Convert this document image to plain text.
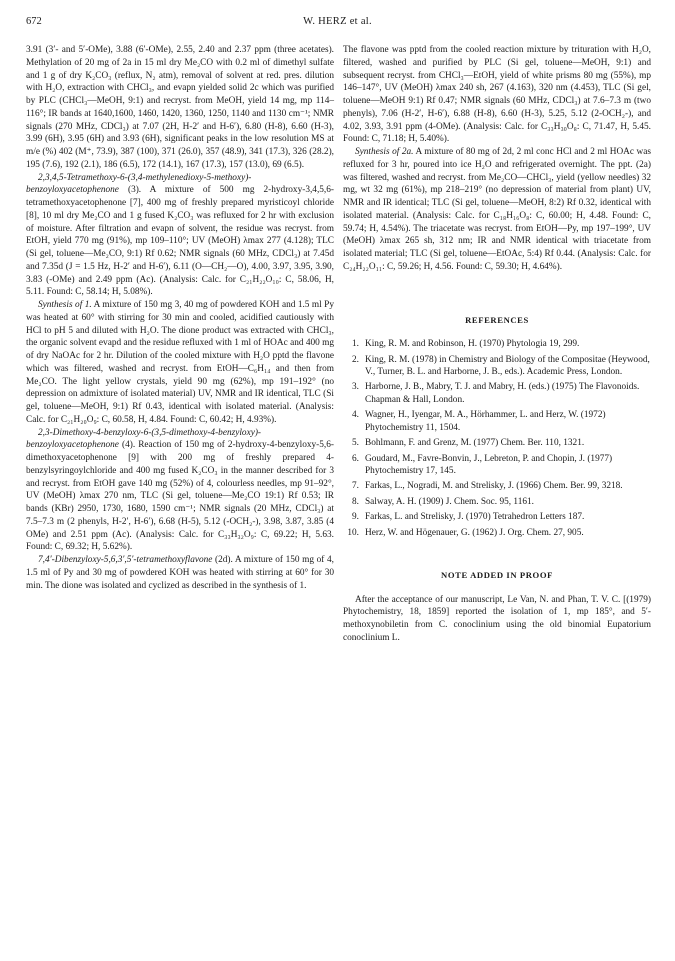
672	W. HERZ et al.

3.91 (3′- and 5′-OMe), 3.88 (6′-OMe), 2.55, 2.40 and 2.37 ppm (three acetates). Methylation of 20 mg of 2a in 15 ml dry Me₂CO with 0.2 ml of dimethyl sulfate and 1 g of dry K₂CO₃ (reflux, N₂ atm), removal of solvent at red. pres. dilution with H₂O, extraction with CHCl₃, and evapn yielded solid 2c which was purified by PLC (CHCl₃—MeOH, 9:1) and recryst. from MeOH, yield 14 mg, mp 114–116°; IR bands at 1640,1600, 1460, 1420, 1360, 1250, 1140 and 1130 cm⁻¹; NMR signals (270 MHz, CDCl₃) at 7.07 (2H, H-2′ and H-6′), 6.80 (H-8), 6.60 (H-3), 3.99 (6H), 3.95 (6H) and 3.93 (6H), significant peaks in the low resolution MS at m/e (%) 402 (M⁺, 73.9), 387 (100), 371 (26.0), 357 (48.9), 341 (17.3), 326 (28.2), 195 (7.6), 192 (2.1), 186 (6.5), 172 (14.1), 167 (17.3), 157 (13.0), 69 (6.5).

2,3,4,5-Tetramethoxy-6-(3,4-methylenedioxy-5-methoxy)-benzoyloxyacetophenone (3). A mixture of 500 mg 2-hydroxy-3,4,5,6-tetramethoxyacetophenone [7], 400 mg of freshly prepared myristicoyl chloride [8], 10 ml dry Me₂CO and 1 g fused K₂CO₃ was refluxed for 2 hr with exclusion of moisture. After filtration and evapn of solvent, the residue was recryst. from EtOH, yield 770 mg (91%), mp 109–110°; UV (MeOH) λmax 277 (4.128); TLC (Si gel, toluene—Me₂CO, 9:1) Rf 0.62; NMR signals (60 MHz, CDCl₃) at 7.45d and 7.35d (J = 1.5 Hz, H-2′ and H-6′), 6.11 (O—CH₂—O), 4.00, 3.97, 3.95, 3.90, 3.83 (-OMe) and 2.49 ppm (Ac). (Analysis: Calc. for C₂₁H₂₂O₁₀: C, 58.06, H, 5.11. Found: C, 58.14; H, 5.08%).

Synthesis of 1. A mixture of 150 mg 3, 40 mg of powdered KOH and 1.5 ml Py was heated at 60° with stirring for 30 min and cooled, acidified cautiously with HCl to pH 5 and diluted with H₂O. The dione product was extracted with CHCl₃, the organic solvent evapd and the residue refluxed with 1 ml of HOAc and 400 mg of dry NaOAc for 2 hr. Dilution of the cooled mixture with H₂O pptd the flavone which was filtered, washed and recryst. from EtOH—C₆H₁₄ and then from Me₂CO. The light yellow crystals, yield 90 mg (62%), mp 191–192° (no depression on admixture of isolated material) UV, NMR and IR identical, TLC (Si gel, toluene—MeOH, 9:1) Rf 0.43, identical with isolated material. (Analysis: Calc. for C₂₁H₂₀O₉: C, 60.58, H, 4.84. Found: C, 60.42; H, 4.93%).

2,3-Dimethoxy-4-benzyloxy-6-(3,5-dimethoxy-4-benzyloxy)-benzoyloxyacetophenone (4). Reaction of 150 mg of 2-hydroxy-4-benzyloxy-5,6-dimethoxyacetophenone [9] with 200 mg of freshly prepared 4-benzylsyringoylchloride and 400 mg fused K₂CO₃ in the manner described for 3 and recryst. from EtOH gave 140 mg (52%) of 4, colourless needles, mp 91–92°, UV (MeOH) λmax 270 nm, TLC (Si gel, toluene—Me₂CO 19:1) Rf 0.53; IR bands (KBr) 2950, 1730, 1680, 1590 cm⁻¹; NMR signals (20 MHz, CDCl₃) at 7.5–7.3 m (2 phenyls, H-2′, H-6′), 6.68 (H-5), 5.12 (-OCH₂-), 3.98, 3.87, 3.85 (4 OMe) and 2.51 ppm (Ac). (Analysis: Calc. for C₃₃H₃₂O₉: C, 69.22; H, 5.63. Found: C, 69.32; H, 5.62%).

7,4′-Dibenzyloxy-5,6,3′,5′-tetramethoxyflavone (2d). A mixture of 150 mg of 4, 1.5 ml of Py and 30 mg of powdered KOH was heated with stirring at 60° for 30 min. The dione was isolated and cyclized as described in the synthesis of 1.

The flavone was pptd from the cooled reaction mixture by trituration with H₂O, filtered, washed and purified by PLC (Si gel, toluene—MeOH, 9:1) and subsequent recryst. from CHCl₃—EtOH, yield of white prisms 80 mg (55%), mp 146–147°, UV (MeOH) λmax 240 sh, 267 (4.163), 320 nm (4.453), TLC (Si gel, toluene—MeOH 9:1) Rf 0.47; NMR signals (60 MHz, CDCl₃) at 7.6–7.3 m (two phenyls), 7.06 (H-2′, H-6′), 6.88 (H-8), 6.60 (H-3), 5.25, 5.12 (2-OCH₂-), and 4.02, 3.93, 3.91 ppm (4-OMe). (Analysis: Calc. for C₃₃H₃₀O₈: C, 71.47, H, 5.45. Found: C, 71.18; H, 5.40%).

Synthesis of 2a. A mixture of 80 mg of 2d, 2 ml conc HCl and 2 ml HOAc was refluxed for 3 hr, poured into ice H₂O and refrigerated overnight. The ppt. (2a) was filtered, washed and recryst. from Me₂CO—CHCl₃, yield (yellow needles) 32 mg, wt 32 mg (61%), mp 218–219° (no depression of material from plant) UV, NMR and IR identical; TLC (Si gel, toluene—MeOH, 8:2) Rf 0.32, identical with isolated material. (Analysis: Calc. for C₁₈H₁₆O₈: C, 60.00; H, 4.48. Found: C, 59.74; H, 4.54%). The triacetate was recryst. from EtOH—Py, mp 197–199°, UV (MeOH) λmax 265 sh, 312 nm; IR and NMR identical with triacetate from isolated material; TLC (Si gel, toluene—EtOAc, 5:4) Rf 0.44. (Analysis: Calc. for C₂₄H₂₂O₁₁: C, 59.26; H, 4.56. Found: C, 59.30; H, 4.64%).

REFERENCES
1. King, R. M. and Robinson, H. (1970) Phytologia 19, 299.
2. King, R. M. (1978) in Chemistry and Biology of the Compositae (Heywood, V., Turner, B. L. and Harborne, J. B., eds.). Academic Press, London.
3. Harborne, J. B., Mabry, T. J. and Mabry, H. (eds.) (1975) The Flavonoids. Chapman & Hall, London.
4. Wagner, H., Iyengar, M. A., Hörhammer, L. and Herz, W. (1972) Phytochemistry 11, 1504.
5. Bohlmann, F. and Grenz, M. (1977) Chem. Ber. 110, 1321.
6. Goudard, M., Favre-Bonvin, J., Lebreton, P. and Chopin, J. (1977) Phytochemistry 17, 145.
7. Farkas, L., Nogradi, M. and Strelisky, J. (1966) Chem. Ber. 99, 3218.
8. Salway, A. H. (1909) J. Chem. Soc. 95, 1161.
9. Farkas, L. and Strelisky, J. (1970) Tetrahedron Letters 187.
10. Herz, W. and Högenauer, G. (1962) J. Org. Chem. 27, 905.
NOTE ADDED IN PROOF

After the acceptance of our manuscript, Le Van, N. and Phan, T. V. C. [(1979) Phytochemistry, 18, 1859] reported the isolation of 1, mp 185°, and 5′-methoxynobiletin from C. conoclinium using the old binomial Eupatorium conoclinium L.
